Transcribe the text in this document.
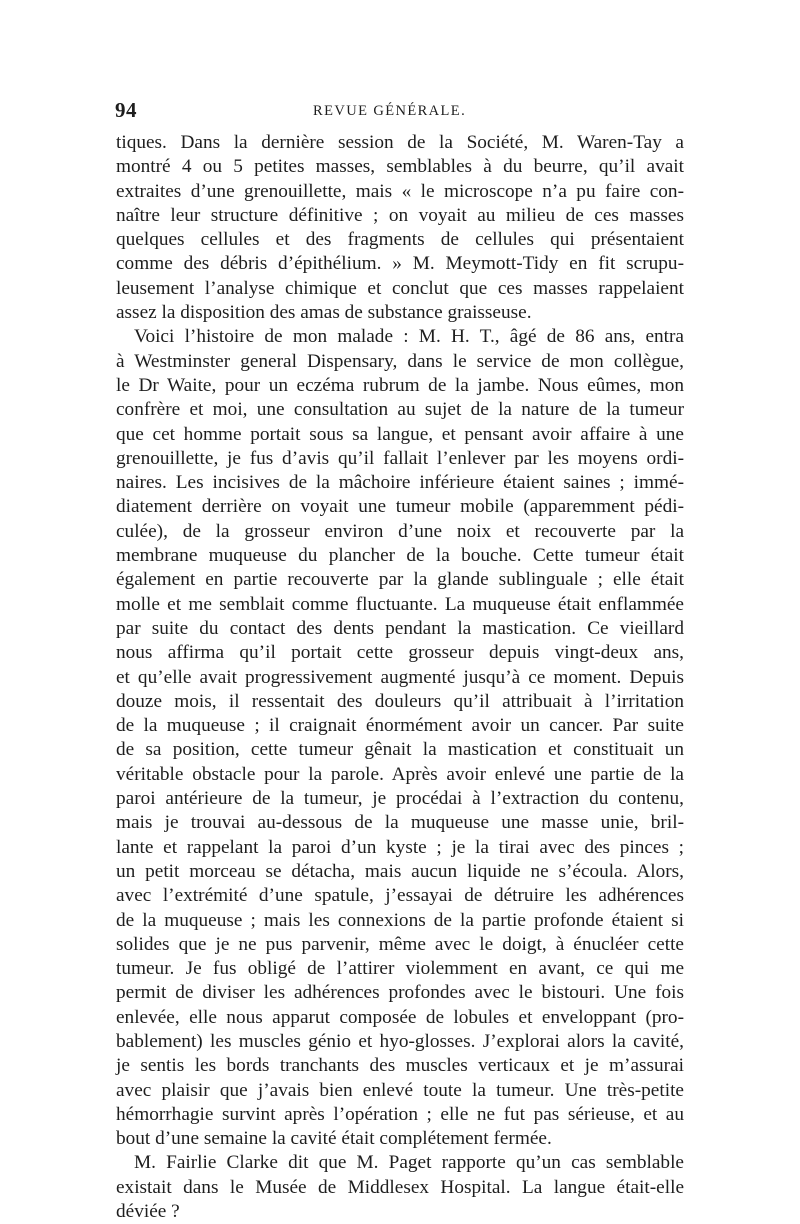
94	REVUE GÉNÉRALE.
tiques. Dans la dernière session de la Société, M. Waren-Tay a
montré 4 ou 5 petites masses, semblables à du beurre, qu’il avait
extraites d’une grenouillette, mais « le microscope n’a pu faire con-
naître leur structure définitive ; on voyait au milieu de ces masses
quelques cellules et des fragments de cellules qui présentaient
comme des débris d’épithélium. » M. Meymott-Tidy en fit scrupu-
leusement l’analyse chimique et conclut que ces masses rappelaient
assez la disposition des amas de substance graisseuse.
Voici l’histoire de mon malade : M. H. T., âgé de 86 ans, entra
à Westminster general Dispensary, dans le service de mon collègue,
le Dr Waite, pour un eczéma rubrum de la jambe. Nous eûmes, mon
confrère et moi, une consultation au sujet de la nature de la tumeur
que cet homme portait sous sa langue, et pensant avoir affaire à une
grenouillette, je fus d’avis qu’il fallait l’enlever par les moyens ordi-
naires. Les incisives de la mâchoire inférieure étaient saines ; immé-
diatement derrière on voyait une tumeur mobile (apparemment pédi-
culée), de la grosseur environ d’une noix et recouverte par la
membrane muqueuse du plancher de la bouche. Cette tumeur était
également en partie recouverte par la glande sublinguale ; elle était
molle et me semblait comme fluctuante. La muqueuse était enflammée
par suite du contact des dents pendant la mastication. Ce vieillard
nous affirma qu’il portait cette grosseur depuis vingt-deux ans,
et qu’elle avait progressivement augmenté jusqu’à ce moment. Depuis
douze mois, il ressentait des douleurs qu’il attribuait à l’irritation
de la muqueuse ; il craignait énormément avoir un cancer. Par suite
de sa position, cette tumeur gênait la mastication et constituait un
véritable obstacle pour la parole. Après avoir enlevé une partie de la
paroi antérieure de la tumeur, je procédai à l’extraction du contenu,
mais je trouvai au-dessous de la muqueuse une masse unie, bril-
lante et rappelant la paroi d’un kyste ; je la tirai avec des pinces ;
un petit morceau se détacha, mais aucun liquide ne s’écoula. Alors,
avec l’extrémité d’une spatule, j’essayai de détruire les adhérences
de la muqueuse ; mais les connexions de la partie profonde étaient si
solides que je ne pus parvenir, même avec le doigt, à énucléer cette
tumeur. Je fus obligé de l’attirer violemment en avant, ce qui me
permit de diviser les adhérences profondes avec le bistouri. Une fois
enlevée, elle nous apparut composée de lobules et enveloppant (pro-
bablement) les muscles génio et hyo-glosses. J’explorai alors la cavité,
je sentis les bords tranchants des muscles verticaux et je m’assurai
avec plaisir que j’avais bien enlevé toute la tumeur. Une très-petite
hémorrhagie survint après l’opération ; elle ne fut pas sérieuse, et au
bout d’une semaine la cavité était complétement fermée.
M. Fairlie Clarke dit que M. Paget rapporte qu’un cas semblable
existait dans le Musée de Middlesex Hospital. La langue était-elle
déviée ?
